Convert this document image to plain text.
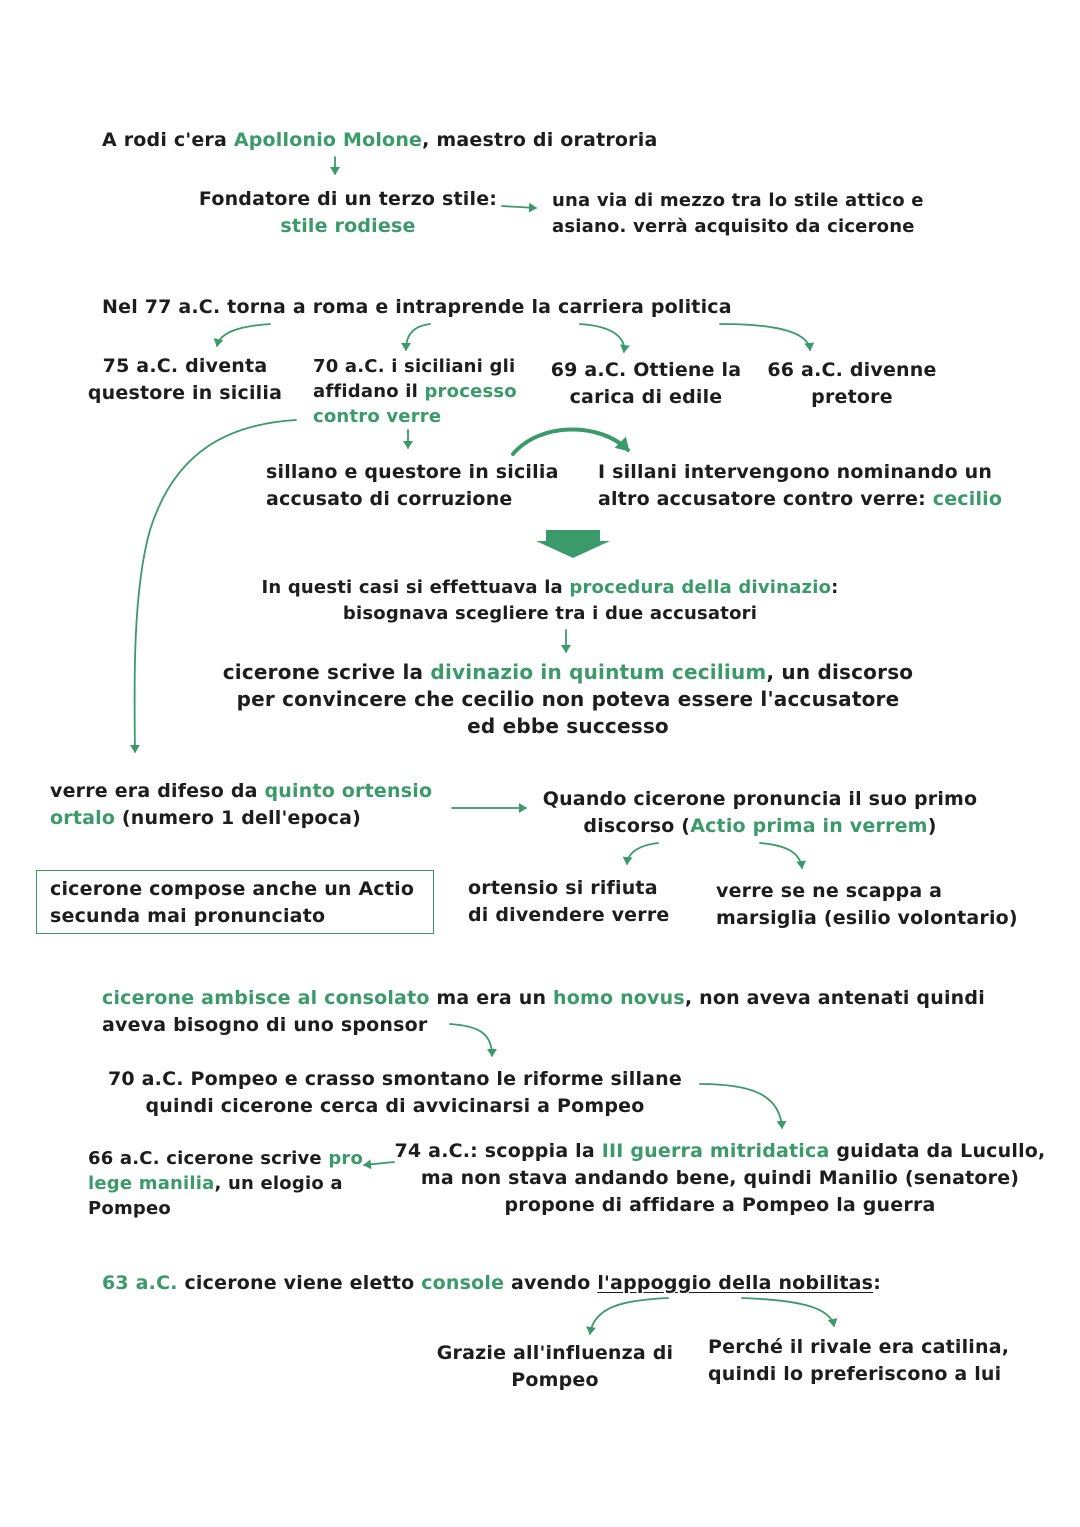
A rodi c'era Apollonio Molone, maestro di oratroria
Fondatore di un terzo stile:
stile rodiese
una via di mezzo tra lo stile attico e
asiano. verrà acquisito da cicerone
Nel 77 a.C. torna a roma e intraprende la carriera politica
75 a.C. diventa
questore in sicilia
70 a.C. i siciliani gli
affidano il processo
contro verre
69 a.C. Ottiene la
carica di edile
66 a.C. divenne
pretore
sillano e questore in sicilia
accusato di corruzione
I sillani intervengono nominando un
altro accusatore contro verre: cecilio
In questi casi si effettuava la procedura della divinazio:
bisognava scegliere tra i due accusatori
cicerone scrive la divinazio in quintum cecilium, un discorso
per convincere che cecilio non poteva essere l'accusatore
ed ebbe successo
verre era difeso da quinto ortensio
ortalo (numero 1 dell'epoca)
Quando cicerone pronuncia il suo primo
discorso (Actio prima in verrem)
cicerone compose anche un Actio
secunda mai pronunciato
ortensio si rifiuta
di divendere verre
verre se ne scappa a
marsiglia (esilio volontario)
cicerone ambisce al consolato ma era un homo novus, non aveva antenati quindi
aveva bisogno di uno sponsor
70 a.C. Pompeo e crasso smontano le riforme sillane
quindi cicerone cerca di avvicinarsi a Pompeo
74 a.C.: scoppia la III guerra mitridatica guidata da Lucullo,
ma non stava andando bene, quindi Manilio (senatore)
propone di affidare a Pompeo la guerra
66 a.C. cicerone scrive pro
lege manilia, un elogio a
Pompeo
63 a.C. cicerone viene eletto console avendo l'appoggio della nobilitas:
Grazie all'influenza di
Pompeo
Perché il rivale era catilina,
quindi lo preferiscono a lui
